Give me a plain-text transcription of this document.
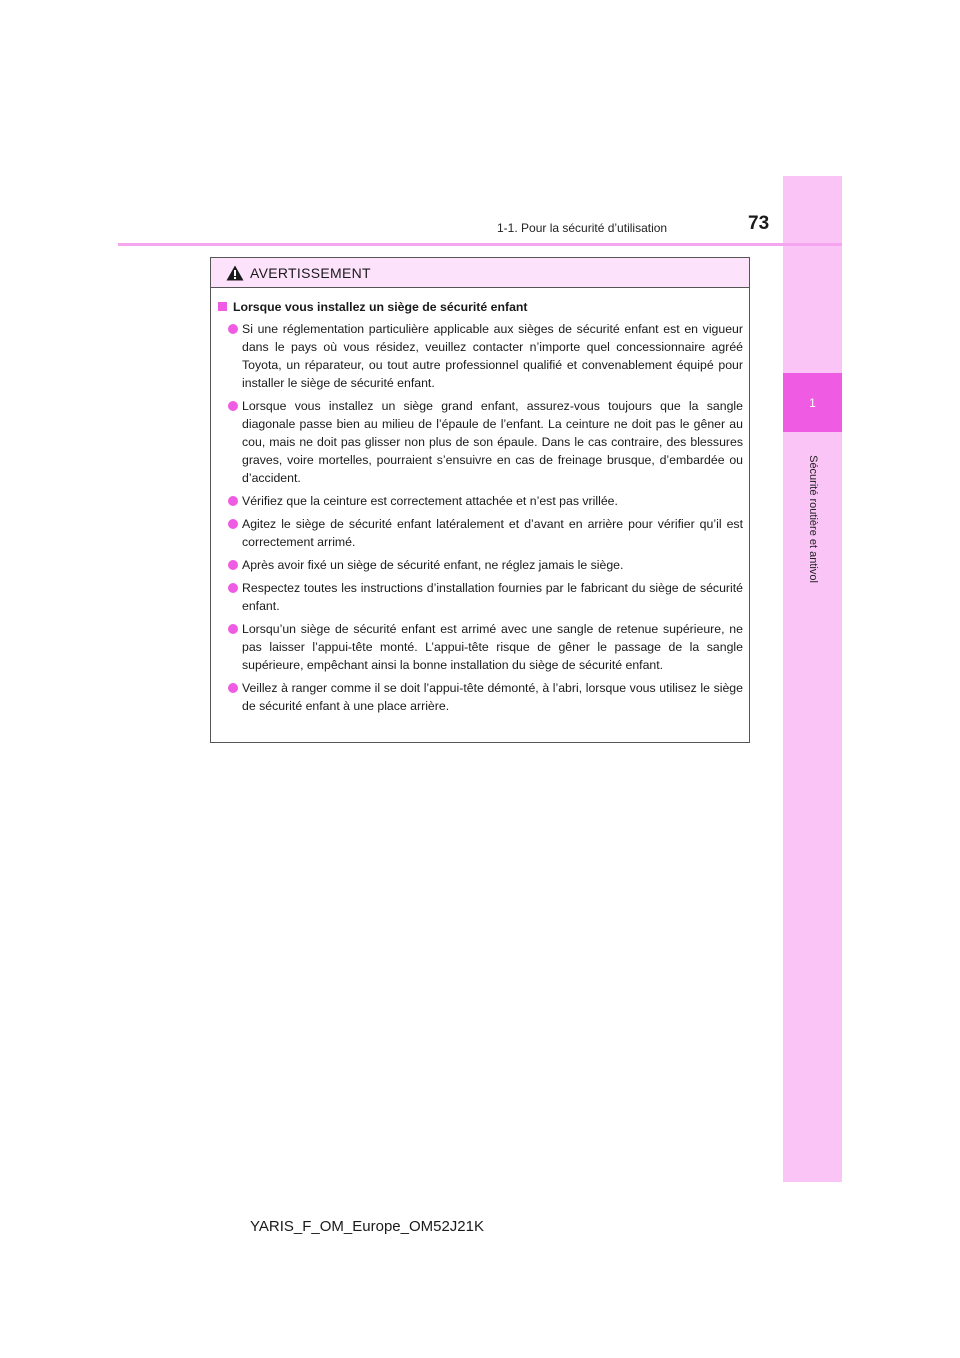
1
Sécurité routière et antivol
1-1. Pour la sécurité d’utilisation	73
AVERTISSEMENT
Lorsque vous installez un siège de sécurité enfant
Si une réglementation particulière applicable aux sièges de sécurité enfant est en vigueur dans le pays où vous résidez, veuillez contacter n’importe quel concessionnaire agréé Toyota, un réparateur, ou tout autre professionnel qualifié et convenablement équipé pour installer le siège de sécurité enfant.
Lorsque vous installez un siège grand enfant, assurez-vous toujours que la sangle diagonale passe bien au milieu de l’épaule de l’enfant. La ceinture ne doit pas le gêner au cou, mais ne doit pas glisser non plus de son épaule. Dans le cas contraire, des blessures graves, voire mortelles, pourraient s’ensuivre en cas de freinage brusque, d’embardée ou d’accident.
Vérifiez que la ceinture est correctement attachée et n’est pas vrillée.
Agitez le siège de sécurité enfant latéralement et d’avant en arrière pour vérifier qu’il est correctement arrimé.
Après avoir fixé un siège de sécurité enfant, ne réglez jamais le siège.
Respectez toutes les instructions d’installation fournies par le fabricant du siège de sécurité enfant.
Lorsqu’un siège de sécurité enfant est arrimé avec une sangle de retenue supérieure, ne pas laisser l’appui-tête monté. L’appui-tête risque de gêner le passage de la sangle supérieure, empêchant ainsi la bonne installation du siège de sécurité enfant.
Veillez à ranger comme il se doit l’appui-tête démonté, à l’abri, lorsque vous utilisez le siège de sécurité enfant à une place arrière.
YARIS_F_OM_Europe_OM52J21K
